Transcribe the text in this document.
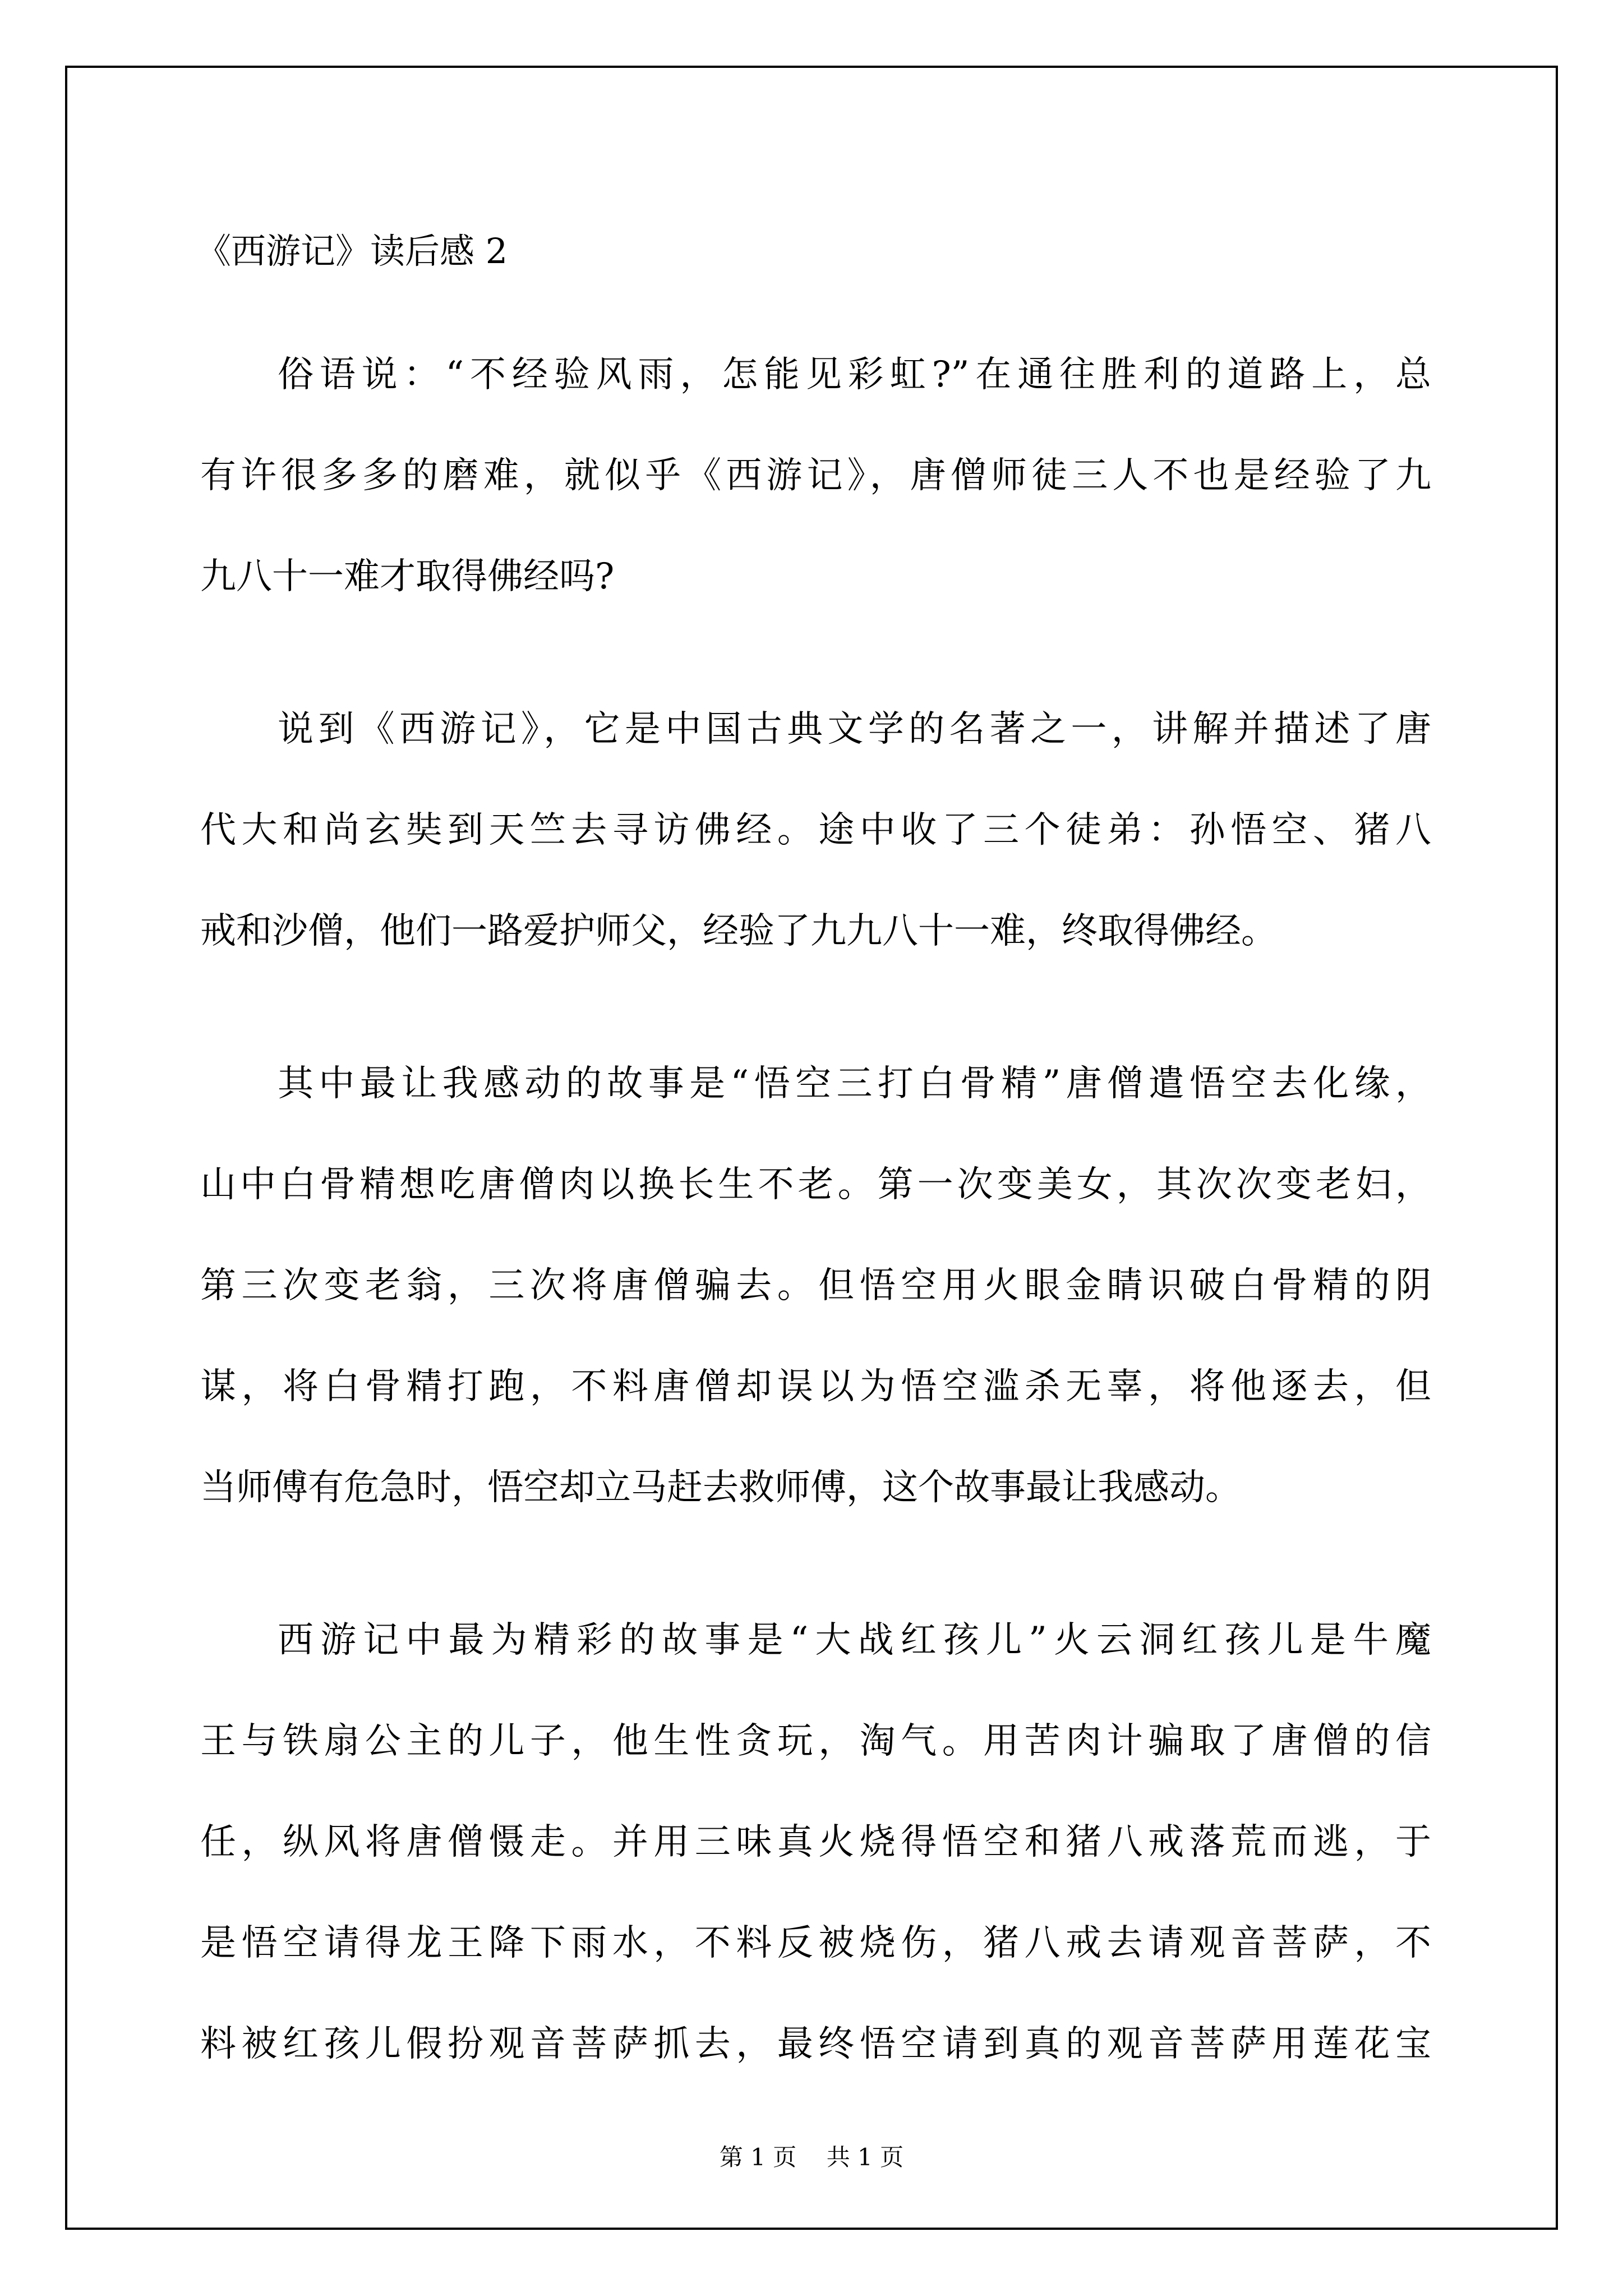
《西游记》读后感 2

俗语说：“不经验风雨，怎能见彩虹?”在通往胜利的道路上，总
有许很多多的磨难，就似乎《西游记》，唐僧师徒三人不也是经验了九
九八十一难才取得佛经吗?

说到《西游记》，它是中国古典文学的名著之一，讲解并描述了唐
代大和尚玄奘到天竺去寻访佛经。途中收了三个徒弟：孙悟空、猪八
戒和沙僧，他们一路爱护师父，经验了九九八十一难，终取得佛经。

其中最让我感动的故事是“悟空三打白骨精”唐僧遣悟空去化缘，
山中白骨精想吃唐僧肉以换长生不老。第一次变美女，其次次变老妇，
第三次变老翁，三次将唐僧骗去。但悟空用火眼金睛识破白骨精的阴
谋，将白骨精打跑，不料唐僧却误以为悟空滥杀无辜，将他逐去，但
当师傅有危急时，悟空却立马赶去救师傅，这个故事最让我感动。

西游记中最为精彩的故事是“大战红孩儿”火云洞红孩儿是牛魔
王与铁扇公主的儿子，他生性贪玩，淘气。用苦肉计骗取了唐僧的信
任，纵风将唐僧慑走。并用三味真火烧得悟空和猪八戒落荒而逃，于
是悟空请得龙王降下雨水，不料反被烧伤，猪八戒去请观音菩萨，不
料被红孩儿假扮观音菩萨抓去，最终悟空请到真的观音菩萨用莲花宝

第 1 页    共 1 页
